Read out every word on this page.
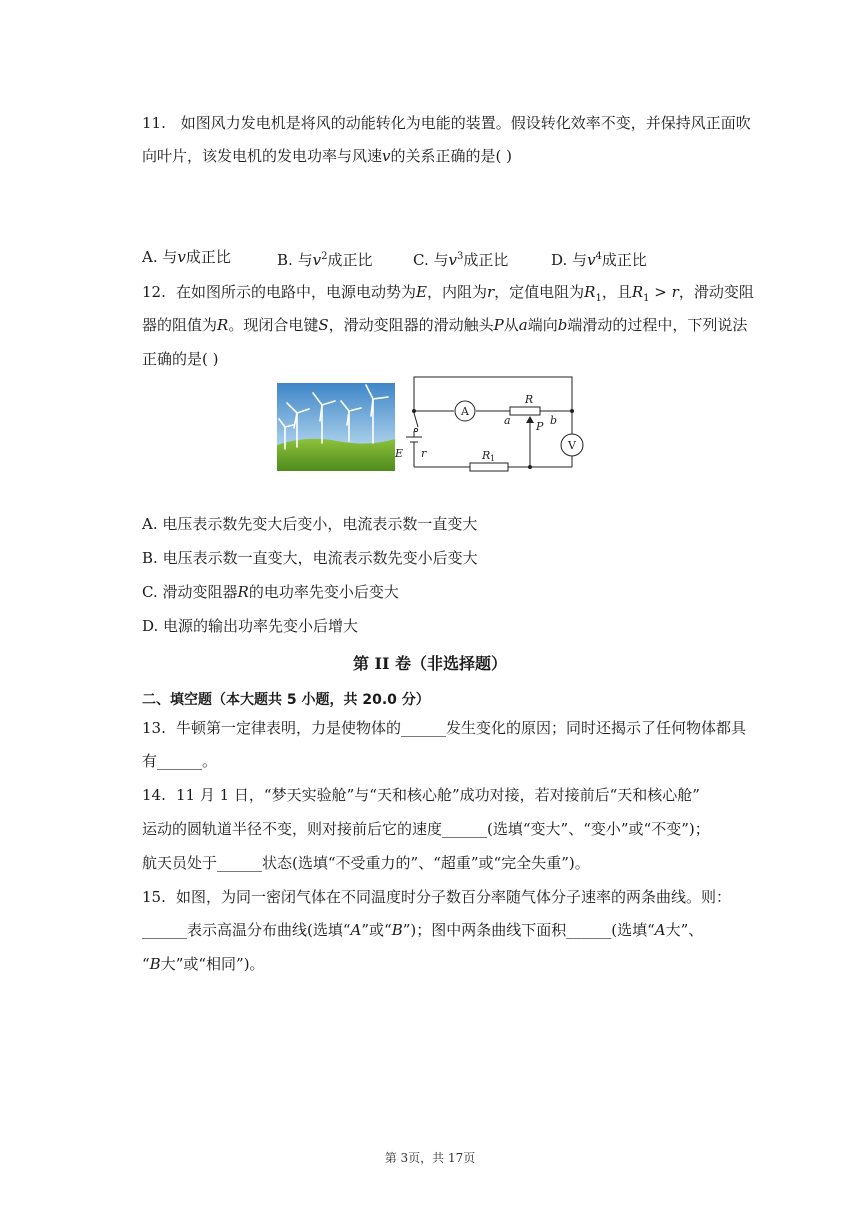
11. 如图风力发电机是将风的动能转化为电能的装置。假设转化效率不变，并保持风正面吹
向叶片，该发电机的发电功率与风速v的关系正确的是( )
A. 与v成正比	B. 与$v^2$成正比	C. 与$v^3$成正比	D. 与$v^4$成正比
12. 在如图所示的电路中，电源电动势为E，内阻为r，定值电阻为$R_1$，且$R_1 > r$，滑动变阻
器的阻值为R。现闭合电键S，滑动变阻器的滑动触头P从a端向b端滑动的过程中，下列说法
正确的是( )
A
V
R
a	b
P
E r	R 1
A. 电压表示数先变大后变小，电流表示数一直变大
B. 电压表示数一直变大，电流表示数先变小后变大
C. 滑动变阻器R的电功率先变小后变大
D. 电源的输出功率先变小后增大
第 II 卷（非选择题）
二、填空题（本大题共 5 小题，共 20.0 分）
13. 牛顿第一定律表明，力是使物体的______发生变化的原因；同时还揭示了任何物体都具
有______。
14. 11 月 1 日，“梦天实验舱”与“天和核心舱”成功对接，若对接前后“天和核心舱”
运动的圆轨道半径不变，则对接前后它的速度______(选填“变大”、“变小”或“不变”)；
航天员处于______状态(选填“不受重力的”、“超重”或“完全失重”)。
15. 如图，为同一密闭气体在不同温度时分子数百分率随气体分子速率的两条曲线。则：
______表示高温分布曲线(选填“A”或“B”)；图中两条曲线下面积______(选填“A大”、
“B大”或“相同”)。
第 3页，共 17页
